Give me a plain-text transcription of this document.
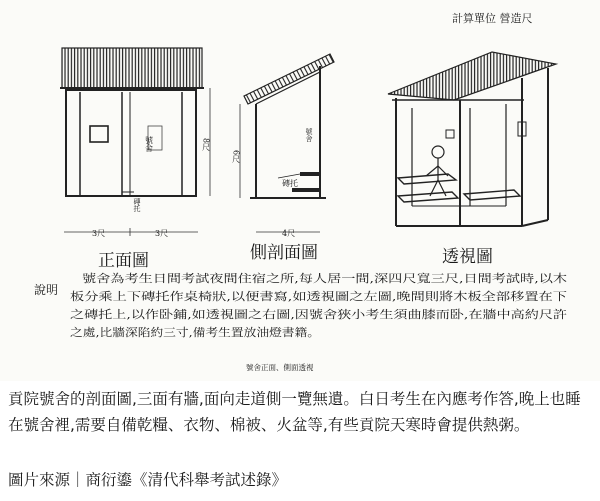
計算單位 營造尺
號舍
磚托
3尺	3尺
8尺
正面圖
磚托
號舍
6尺
4尺
側剖面圖	透視圖
說明
號舍為考生日間考試夜間住宿之所,每人居一間,深四尺寬三尺,日間考試時,以木
板分乘上下磚托作桌椅狀,以便書寫,如透視圖之左圖,晚間則將木板全部移置在下
之磚托上,以作卧鋪,如透視圖之右圖,因號舍狹小考生須曲膝而卧,在牆中高約尺許
之處,比牆深陷約三寸,備考生置放油燈書籍。
號舍正面、側面透視

貢院號舍的剖面圖,三面有牆,面向走道側一覽無遺。白日考生在內應考作答,晚上也睡在號舍裡,需要自備乾糧、衣物、棉被、火盆等,有些貢院天寒時會提供熱粥。

圖片來源｜商衍鎏《清代科舉考試述錄》
